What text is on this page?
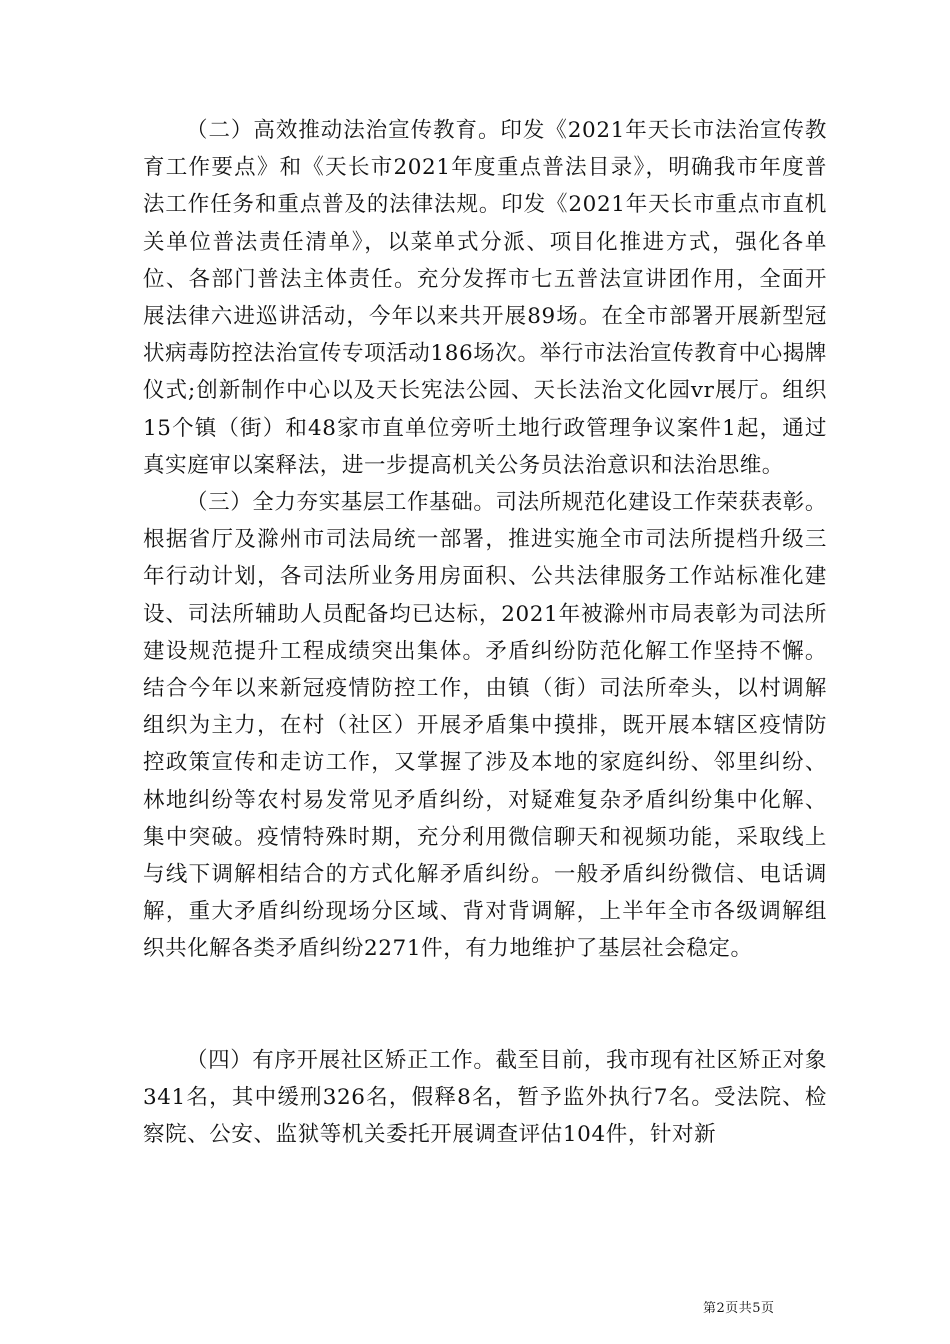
（二）高效推动法治宣传教育。印发《2021年天长市法治宣传教育工作要点》和《天长市2021年度重点普法目录》，明确我市年度普法工作任务和重点普及的法律法规。印发《2021年天长市重点市直机关单位普法责任清单》，以菜单式分派、项目化推进方式，强化各单位、各部门普法主体责任。充分发挥市七五普法宣讲团作用，全面开展法律六进巡讲活动，今年以来共开展89场。在全市部署开展新型冠状病毒防控法治宣传专项活动186场次。举行市法治宣传教育中心揭牌仪式;创新制作中心以及天长宪法公园、天长法治文化园vr展厅。组织15个镇（街）和48家市直单位旁听土地行政管理争议案件1起，通过真实庭审以案释法，进一步提高机关公务员法治意识和法治思维。

（三）全力夯实基层工作基础。司法所规范化建设工作荣获表彰。根据省厅及滁州市司法局统一部署，推进实施全市司法所提档升级三年行动计划，各司法所业务用房面积、公共法律服务工作站标准化建设、司法所辅助人员配备均已达标，2021年被滁州市局表彰为司法所建设规范提升工程成绩突出集体。矛盾纠纷防范化解工作坚持不懈。结合今年以来新冠疫情防控工作，由镇（街）司法所牵头，以村调解组织为主力，在村（社区）开展矛盾集中摸排，既开展本辖区疫情防控政策宣传和走访工作，又掌握了涉及本地的家庭纠纷、邻里纠纷、林地纠纷等农村易发常见矛盾纠纷，对疑难复杂矛盾纠纷集中化解、集中突破。疫情特殊时期，充分利用微信聊天和视频功能，采取线上与线下调解相结合的方式化解矛盾纠纷。一般矛盾纠纷微信、电话调解，重大矛盾纠纷现场分区域、背对背调解，上半年全市各级调解组织共化解各类矛盾纠纷2271件，有力地维护了基层社会稳定。

（四）有序开展社区矫正工作。截至目前，我市现有社区矫正对象341名，其中缓刑326名，假释8名，暂予监外执行7名。受法院、检察院、公安、监狱等机关委托开展调查评估104件，针对新

第2页共5页
